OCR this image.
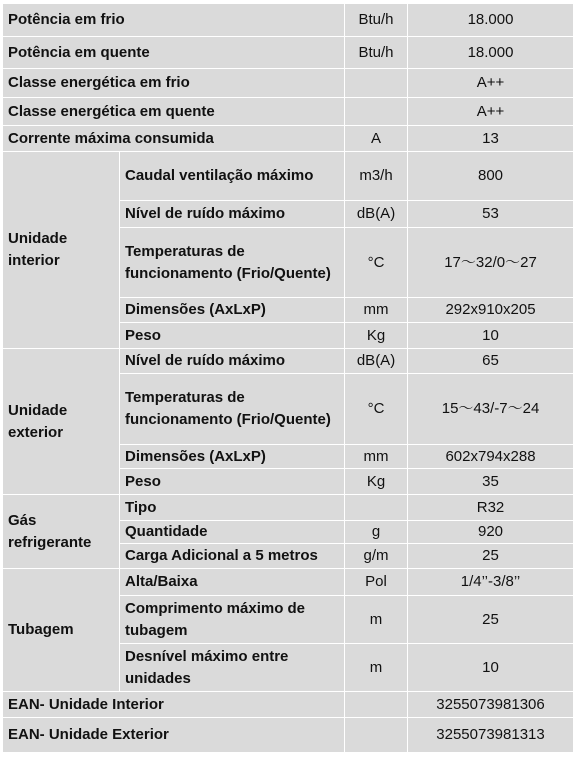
Potência em frio		Btu/h	18.000
Potência em quente		Btu/h	18.000
Classe energética em frio			A++
Classe energética em quente			A++
Corrente máxima consumida		A	13
Unidade interior	Caudal ventilação máximo	m3/h	800
	Nível de ruído máximo	dB(A)	53
	Temperaturas de funcionamento (Frio/Quente)	°C	17～32/0～27
	Dimensões (AxLxP)	mm	292x910x205
	Peso	Kg	10
Unidade exterior	Nível de ruído máximo	dB(A)	65
	Temperaturas de funcionamento (Frio/Quente)	°C	15～43/-7～24
	Dimensões (AxLxP)	mm	602x794x288
	Peso	Kg	35
Gás refrigerante	Tipo		R32
	Quantidade	g	920
	Carga Adicional a 5 metros	g/m	25
Tubagem	Alta/Baixa	Pol	1/4’’-3/8’’
	Comprimento máximo de tubagem	m	25
	Desnível máximo entre unidades	m	10
EAN- Unidade Interior			3255073981306
EAN- Unidade Exterior			3255073981313
